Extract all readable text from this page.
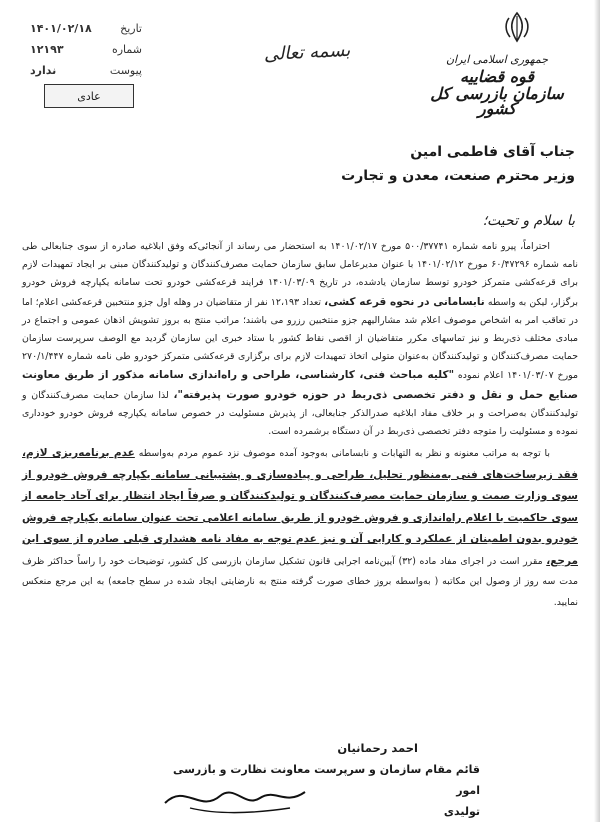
جمهوری اسلامی ایران
قوه قضاییه
سازمان بازرسی کل کشور
بسمه تعالی
تاریخ
۱۴۰۱/۰۲/۱۸
شماره
۱۲۱۹۳
پیوست
ندارد
عادی
جناب آقای فاطمی امین
وزیر محترم صنعت، معدن و تجارت
با سلام و تحیت؛

احتراماً، پیرو نامه شماره ۵۰۰/۳۷۷۴۱ مورخ ۱۴۰۱/۰۲/۱۷ به استحضار می رساند از آنجائی‌که وفق ابلاغیه صادره از سوی جنابعالی طی نامه شماره ۶۰/۴۷۲۹۶ مورخ ۱۴۰۱/۰۲/۱۲ با عنوان مدیرعامل سابق سازمان حمایت مصرف‌کنندگان و تولیدکنندگان مبنی بر ایجاد تمهیدات لازم برای قرعه‌کشی متمرکز خودرو توسط سازمان یادشده، در تاریخ ۱۴۰۱/۰۳/۰۹ فرایند قرعه‌کشی خودرو تحت سامانه یکپارچه فروش خودرو برگزار، لیکن به واسطه نابسامانی در نحوه قرعه کشی، تعداد ۱۲،۱۹۳ نفر از متقاضیان در وهله اول جزو منتخبین قرعه‌کشی اعلام؛ اما در تعاقب امر به اشخاص موصوف اعلام شد مشارالیهم جزو منتخبین رزرو می باشند؛ مراتب منتج به بروز تشویش اذهان عمومی و اجتماع در مبادی مختلف ذی‌ربط و نیز تماسهای مکرر متقاضیان از اقصی نقاط کشور با ستاد خبری این سازمان گردید مع الوصف سرپرست سازمان حمایت مصرف‌کنندگان و تولیدکنندگان به‌عنوان متولی اتخاذ تمهیدات لازم برای برگزاری قرعه‌کشی متمرکز خودرو طی نامه شماره ۲۷۰/۱/۴۴۷ مورخ ۱۴۰۱/۰۳/۰۷ اعلام نموده "کلیه مباحث فنی، کارشناسی، طراحی و راه‌اندازی سامانه مذکور از طریق معاونت صنایع حمل و نقل و دفتر تخصصی ذی‌ربط در حوزه خودرو صورت پذیرفته"، لذا سازمان حمایت مصرف‌کنندگان و تولیدکنندگان به‌صراحت و بر خلاف مفاد ابلاغیه صدرالذکر جنابعالی، از پذیرش مسئولیت در خصوص سامانه یکپارچه فروش خودرو خودداری نموده و مسئولیت را متوجه دفتر تخصصی ذی‌ربط در آن دستگاه برشمرده است.

با توجه به مراتب معنونه و نظر به التهابات و نابسامانی به‌وجود آمده موصوف نزد عموم مردم به‌واسطه عدم برنامه‌ریزی لازم، فقد زیرساخت‌های فنی به‌منظور تحلیل، طراحی و پیاده‌سازی و پشتیبانی سامانه یکپارچه فروش خودرو از سوی وزارت صمت و سازمان حمایت مصرف‌کنندگان و تولیدکنندگان و صرفاً ایجاد انتظار برای آحاد جامعه از سوی حاکمیت با اعلام راه‌اندازی و فروش خودرو از طریق سامانه اعلامی تحت عنوان سامانه یکپارچه فروش خودرو بدون اطمینان از عملکرد و کارایی آن و نیز عدم توجه به مفاد نامه هشداری قبلی صادره از سوی این مرجع، مقرر است در اجرای مفاد ماده (۳۲) آیین‌نامه اجرایی قانون تشکیل سازمان بازرسی کل کشور، توضیحات خود را راساً حداکثر ظرف مدت سه روز از وصول این مکاتبه ( به‌واسطه بروز خطای صورت گرفته منتج به نارضایتی ایجاد شده در سطح جامعه) به این مرجع منعکس نمایید.

احمد رحمانیان
قائم مقام سازمان و سرپرست معاونت نظارت و بازرسی امور
تولیدی
